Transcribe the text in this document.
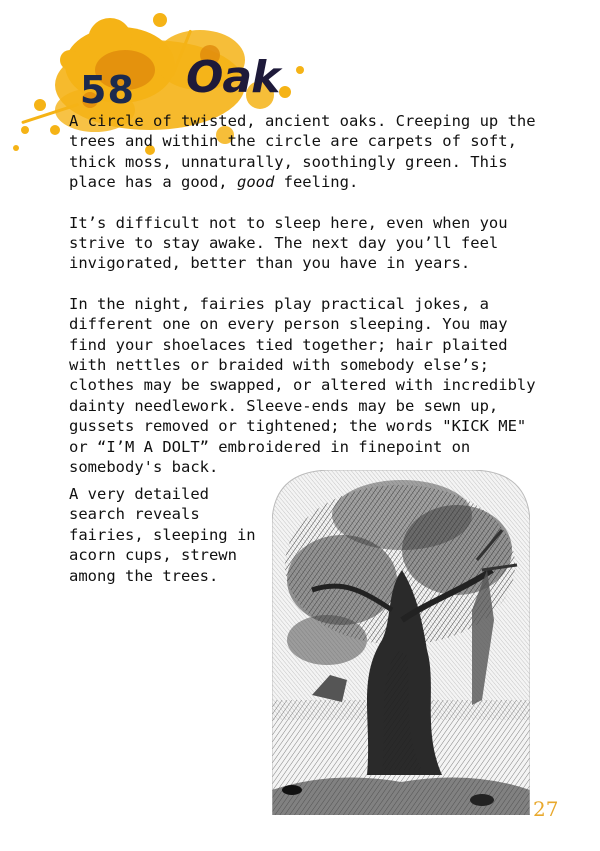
58 Oak

A circle of twisted, ancient oaks. Creeping up the trees and within the circle are carpets of soft, thick moss, unnaturally, soothingly green. This place has a good, good feeling.

It’s difficult not to sleep here, even when you strive to stay awake. The next day you’ll feel invigorated, better than you have in years.

In the night, fairies play practical jokes, a different one on every person sleeping. You may find your shoelaces tied together; hair plaited with nettles or braided with somebody else’s; clothes may be swapped, or altered with incredibly dainty needlework. Sleeve-ends may be sewn up, gussets removed or tightened; the words "KICK ME" or “I’M A DOLT” embroidered in finepoint on somebody's back.

A very detailed search reveals fairies, sleeping in acorn cups, strewn among the trees.

27
